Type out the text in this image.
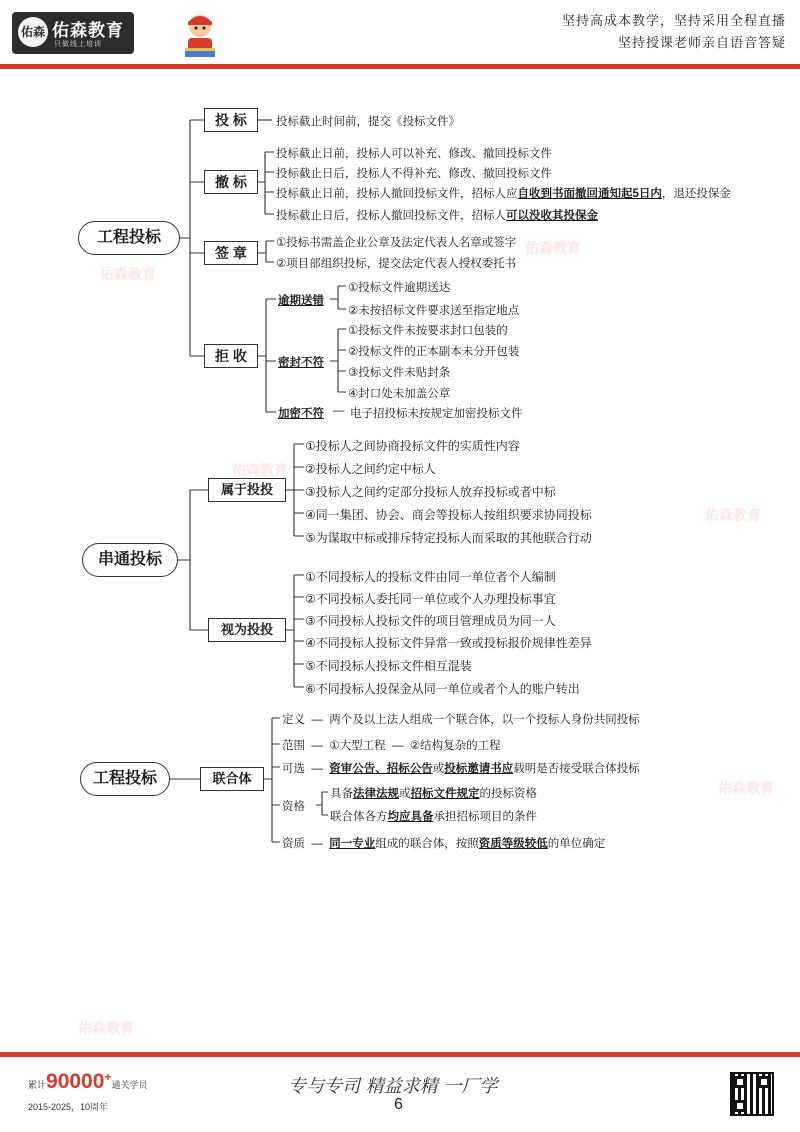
佑森 佑森教育
只做线上培训
坚持高成本教学，坚持采用全程直播
坚持授课老师亲自语音答疑
佑森教育
佑森教育
佑森教育
佑森教育
佑森教育
佑森教育
工程投标
投 标	投标截止时间前，提交《投标文件》
撤 标
投标截止日前，投标人可以补充、修改、撤回投标文件
投标截止日后，投标人不得补充、修改、撤回投标文件
投标截止日前，投标人撤回投标文件，招标人应自收到书面撤回通知起5日内，退还投保金
投标截止日后，投标人撤回投标文件，招标人可以没收其投保金
签 章
①投标书需盖企业公章及法定代表人名章或签字
②项目部组织投标，提交法定代表人授权委托书
拒 收
逾期送错
①投标文件逾期送达
②未按招标文件要求送至指定地点
密封不符
①投标文件未按要求封口包装的
②投标文件的正本副本未分开包装
③投标文件未贴封条
④封口处未加盖公章
加密不符 — 电子招投标未按规定加密投标文件
串通投标
属于投投
①投标人之间协商投标文件的实质性内容
②投标人之间约定中标人
③投标人之间约定部分投标人放弃投标或者中标
④同一集团、协会、商会等投标人按组织要求协同投标
⑤为谋取中标或排斥特定投标人而采取的其他联合行动
视为投投
①不同投标人的投标文件由同一单位者个人编制
②不同投标人委托同一单位或个人办理投标事宜
③不同投标人投标文件的项目管理成员为同一人
④不同投标人投标文件异常一致或投标报价规律性差异
⑤不同投标人投标文件相互混装
⑥不同投标人投保金从同一单位或者个人的账户转出
工程投标	联合体
定义 — 两个及以上法人组成一个联合体，以一个投标人身份共同投标
范围 — ①大型工程 — ②结构复杂的工程
可选 — 资审公告、招标公告或投标邀请书应载明是否接受联合体投标
资格
具备法律法规或招标文件规定的投标资格
联合体各方均应具备承担招标项目的条件
资质 — 同一专业组成的联合体，按照资质等级较低的单位确定
累计90000+通关学员
2015-2025，10周年
专与专司 精益求精 一厂学
6
